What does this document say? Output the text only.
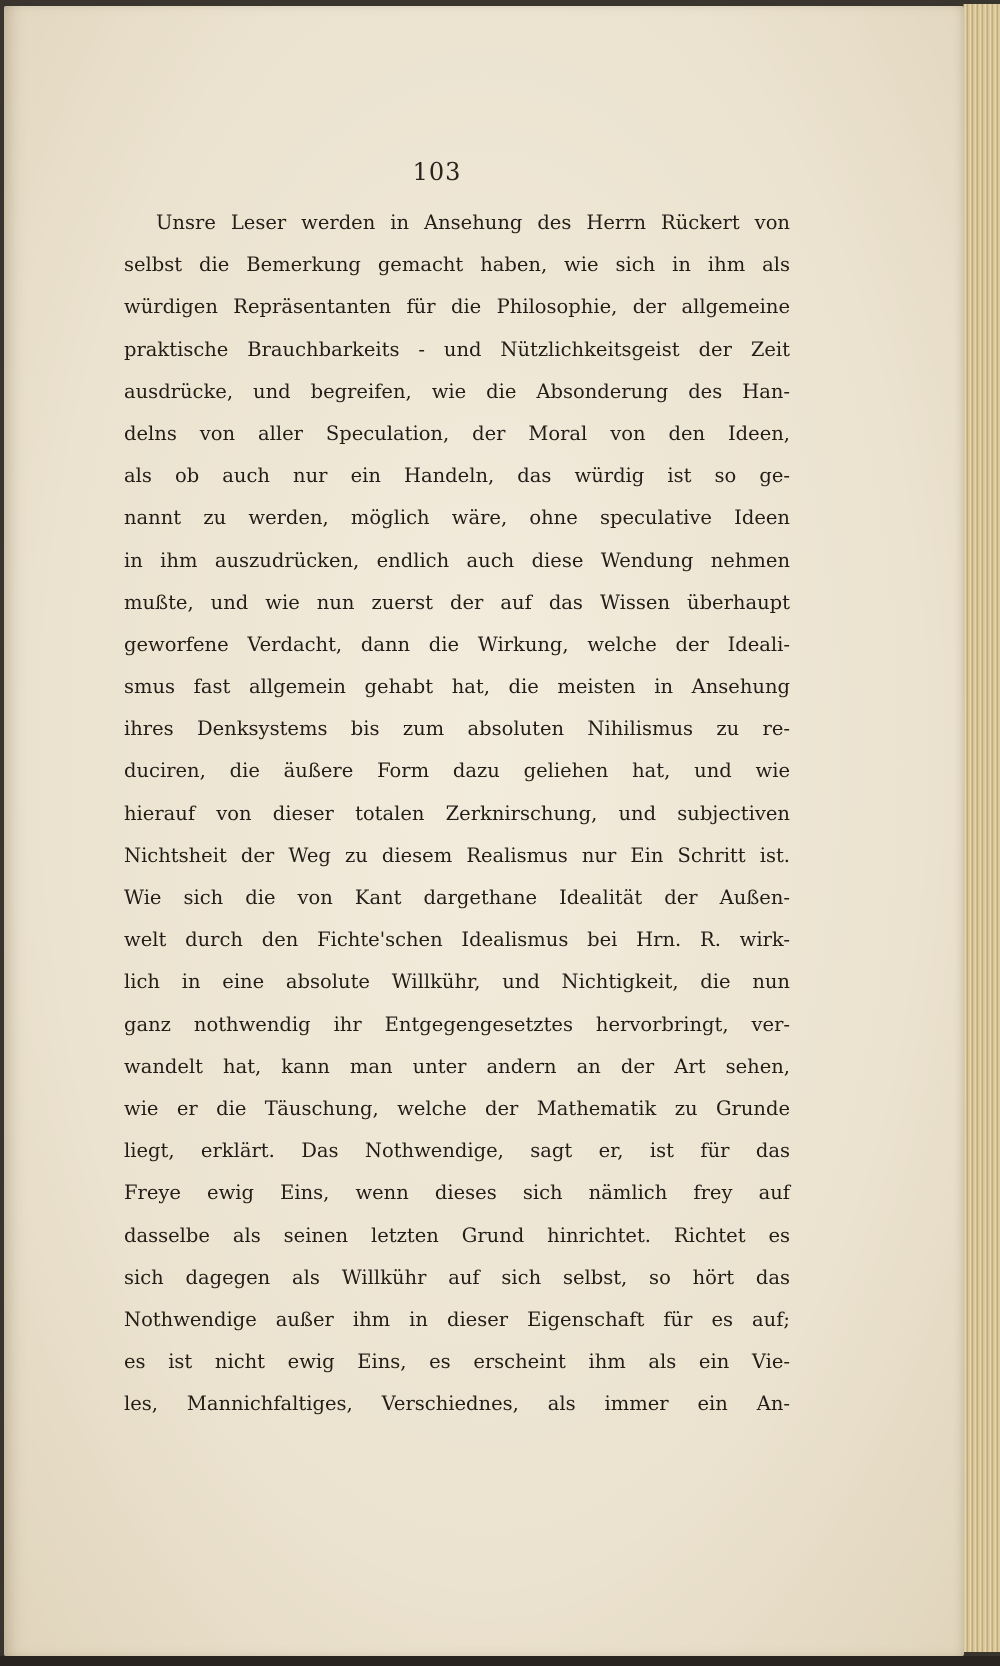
103
Unsre Leser werden in Ansehung des Herrn Rückert von
selbst die Bemerkung gemacht haben, wie sich in ihm als
würdigen Repräsentanten für die Philosophie, der allgemeine
praktische Brauchbarkeits - und Nützlichkeitsgeist der Zeit
ausdrücke, und begreifen, wie die Absonderung des Han-
delns von aller Speculation, der Moral von den Ideen,
als ob auch nur ein Handeln, das würdig ist so ge-
nannt zu werden, möglich wäre, ohne speculative Ideen
in ihm auszudrücken, endlich auch diese Wendung nehmen
mußte, und wie nun zuerst der auf das Wissen überhaupt
geworfene Verdacht, dann die Wirkung, welche der Ideali-
smus fast allgemein gehabt hat, die meisten in Ansehung
ihres Denksystems bis zum absoluten Nihilismus zu re-
duciren, die äußere Form dazu geliehen hat, und wie
hierauf von dieser totalen Zerknirschung, und subjectiven
Nichtsheit der Weg zu diesem Realismus nur Ein Schritt ist.
Wie sich die von Kant dargethane Idealität der Außen-
welt durch den Fichte'schen Idealismus bei Hrn. R. wirk-
lich in eine absolute Willkühr, und Nichtigkeit, die nun
ganz nothwendig ihr Entgegengesetztes hervorbringt, ver-
wandelt hat, kann man unter andern an der Art sehen,
wie er die Täuschung, welche der Mathematik zu Grunde
liegt, erklärt. Das Nothwendige, sagt er, ist für das
Freye ewig Eins, wenn dieses sich nämlich frey auf
dasselbe als seinen letzten Grund hinrichtet. Richtet es
sich dagegen als Willkühr auf sich selbst, so hört das
Nothwendige außer ihm in dieser Eigenschaft für es auf;
es ist nicht ewig Eins, es erscheint ihm als ein Vie-
les, Mannichfaltiges, Verschiednes, als immer ein An-
